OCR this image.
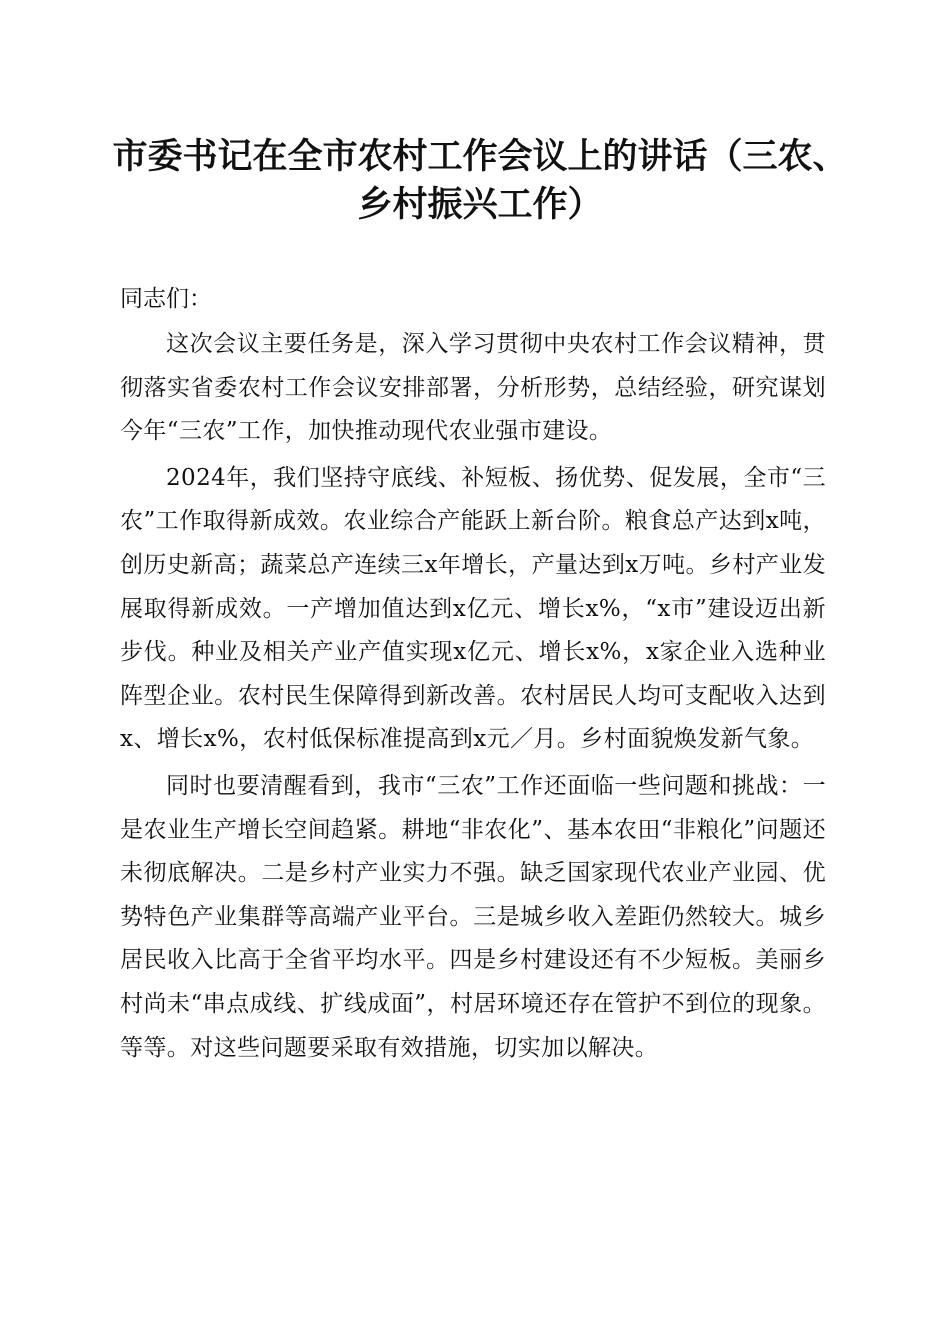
市委书记在全市农村工作会议上的讲话（三农、
乡村振兴工作）
同志们：

这次会议主要任务是，深入学习贯彻中央农村工作会议精神，贯彻落实省委农村工作会议安排部署，分析形势，总结经验，研究谋划今年“三农”工作，加快推动现代农业强市建设。

2024年，我们坚持守底线、补短板、扬优势、促发展，全市“三农”工作取得新成效。农业综合产能跃上新台阶。粮食总产达到x吨，创历史新高；蔬菜总产连续三x年增长，产量达到x万吨。乡村产业发展取得新成效。一产增加值达到x亿元、增长x%，“x市”建设迈出新步伐。种业及相关产业产值实现x亿元、增长x%，x家企业入选种业阵型企业。农村民生保障得到新改善。农村居民人均可支配收入达到x、增长x%，农村低保标准提高到x元／月。乡村面貌焕发新气象。

同时也要清醒看到，我市“三农”工作还面临一些问题和挑战：一是农业生产增长空间趋紧。耕地“非农化”、基本农田“非粮化”问题还未彻底解决。二是乡村产业实力不强。缺乏国家现代农业产业园、优势特色产业集群等高端产业平台。三是城乡收入差距仍然较大。城乡居民收入比高于全省平均水平。四是乡村建设还有不少短板。美丽乡村尚未“串点成线、扩线成面”，村居环境还存在管护不到位的现象。等等。对这些问题要采取有效措施，切实加以解决。
